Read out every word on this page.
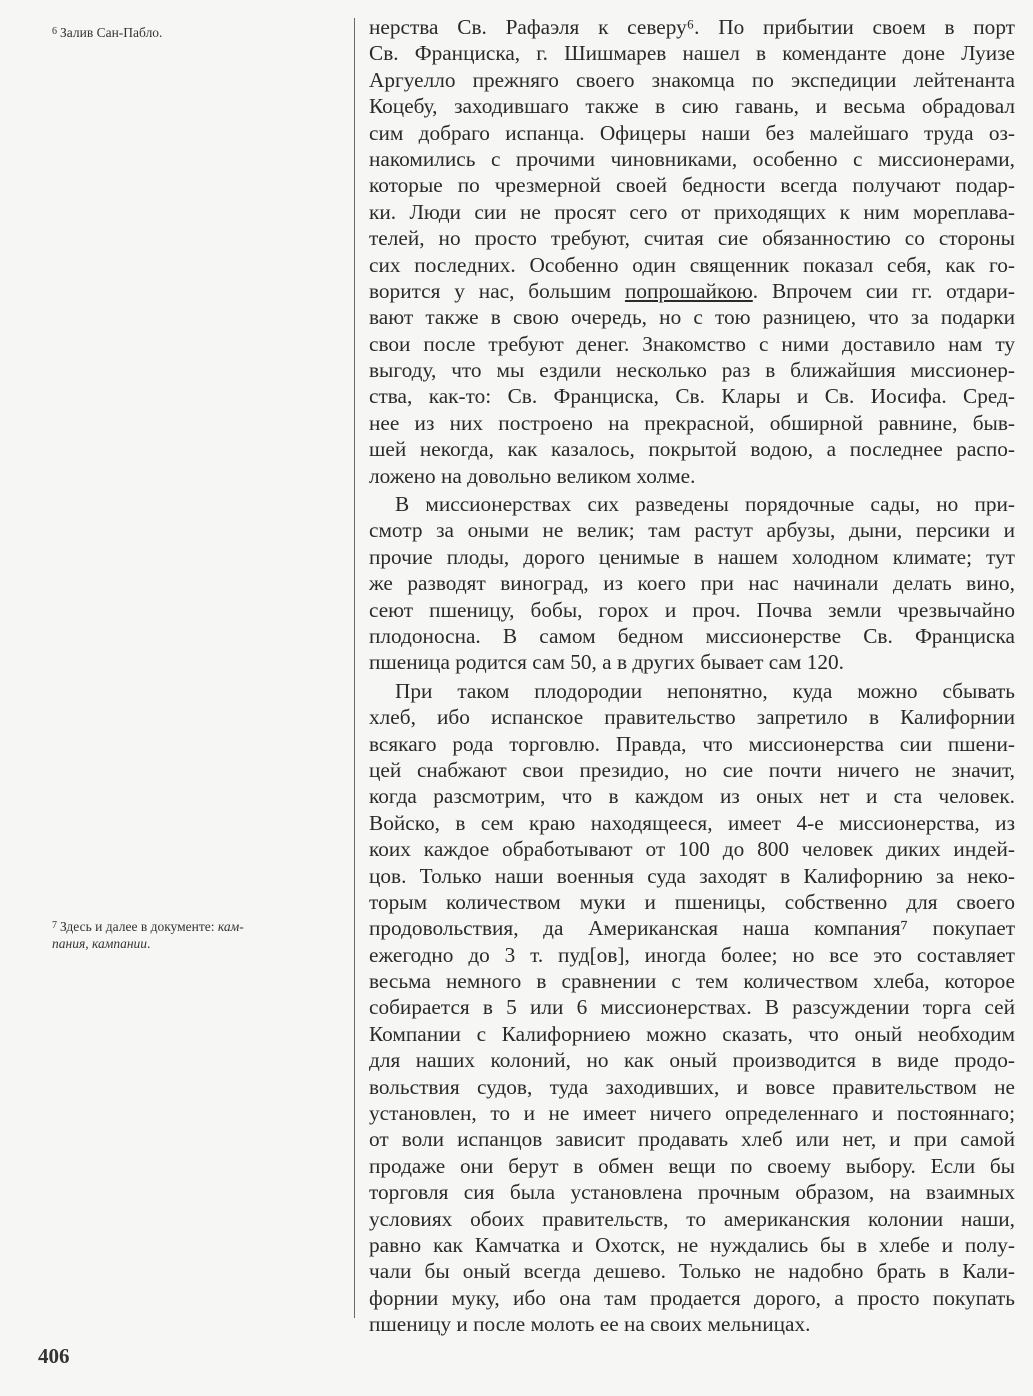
$^6$ Залив Сан-Пабло.
$^7$ Здесь и далее в документе: кам-
пания, кампании.
нерства Св. Рафаэля к северу⁶. По прибытии своем в порт
Св. Франциска, г. Шишмарев нашел в коменданте доне Луизе
Аргуелло прежняго своего знакомца по экспедиции лейтенанта
Коцебу, заходившаго также в сию гавань, и весьма обрадовал
сим добраго испанца. Офицеры наши без малейшаго труда оз-
накомились с прочими чиновниками, особенно с миссионерами,
которые по чрезмерной своей бедности всегда получают подар-
ки. Люди сии не просят сего от приходящих к ним мореплава-
телей, но просто требуют, считая сие обязанностию со стороны
сих последних. Особенно один священник показал себя, как го-
ворится у нас, большим попрошайкою. Впрочем сии гг. отдари-
вают также в свою очередь, но с тою разницею, что за подарки
свои после требуют денег. Знакомство с ними доставило нам ту
выгоду, что мы ездили несколько раз в ближайшия миссионер-
ства, как-то: Св. Франциска, Св. Клары и Св. Иосифа. Сред-
нее из них построено на прекрасной, обширной равнине, быв-
шей некогда, как казалось, покрытой водою, а последнее распо-
ложено на довольно великом холме.
В миссионерствах сих разведены порядочные сады, но при-
смотр за оными не велик; там растут арбузы, дыни, персики и
прочие плоды, дорого ценимые в нашем холодном климате; тут
же разводят виноград, из коего при нас начинали делать вино,
сеют пшеницу, бобы, горох и проч. Почва земли чрезвычайно
плодоносна. В самом бедном миссионерстве Св. Франциска
пшеница родится сам 50, а в других бывает сам 120.
При таком плодородии непонятно, куда можно сбывать
хлеб, ибо испанское правительство запретило в Калифорнии
всякаго рода торговлю. Правда, что миссионерства сии пшени-
цей снабжают свои президио, но сие почти ничего не значит,
когда разсмотрим, что в каждом из оных нет и ста человек.
Войско, в сем краю находящееся, имеет 4-е миссионерства, из
коих каждое обработывают от 100 до 800 человек диких индей-
цов. Только наши военныя суда заходят в Калифорнию за неко-
торым количеством муки и пшеницы, собственно для своего
продовольствия, да Американская наша компания⁷ покупает
ежегодно до 3 т. пуд[ов], иногда более; но все это составляет
весьма немного в сравнении с тем количеством хлеба, которое
собирается в 5 или 6 миссионерствах. В разсуждении торга сей
Компании с Калифорниею можно сказать, что оный необходим
для наших колоний, но как оный производится в виде продо-
вольствия судов, туда заходивших, и вовсе правительством не
установлен, то и не имеет ничего определеннаго и постояннаго;
от воли испанцов зависит продавать хлеб или нет, и при самой
продаже они берут в обмен вещи по своему выбору. Если бы
торговля сия была установлена прочным образом, на взаимных
условиях обоих правительств, то американския колонии наши,
равно как Камчатка и Охотск, не нуждались бы в хлебе и полу-
чали бы оный всегда дешево. Только не надобно брать в Кали-
форнии муку, ибо она там продается дорого, а просто покупать
пшеницу и после молоть ее на своих мельницах.
406
